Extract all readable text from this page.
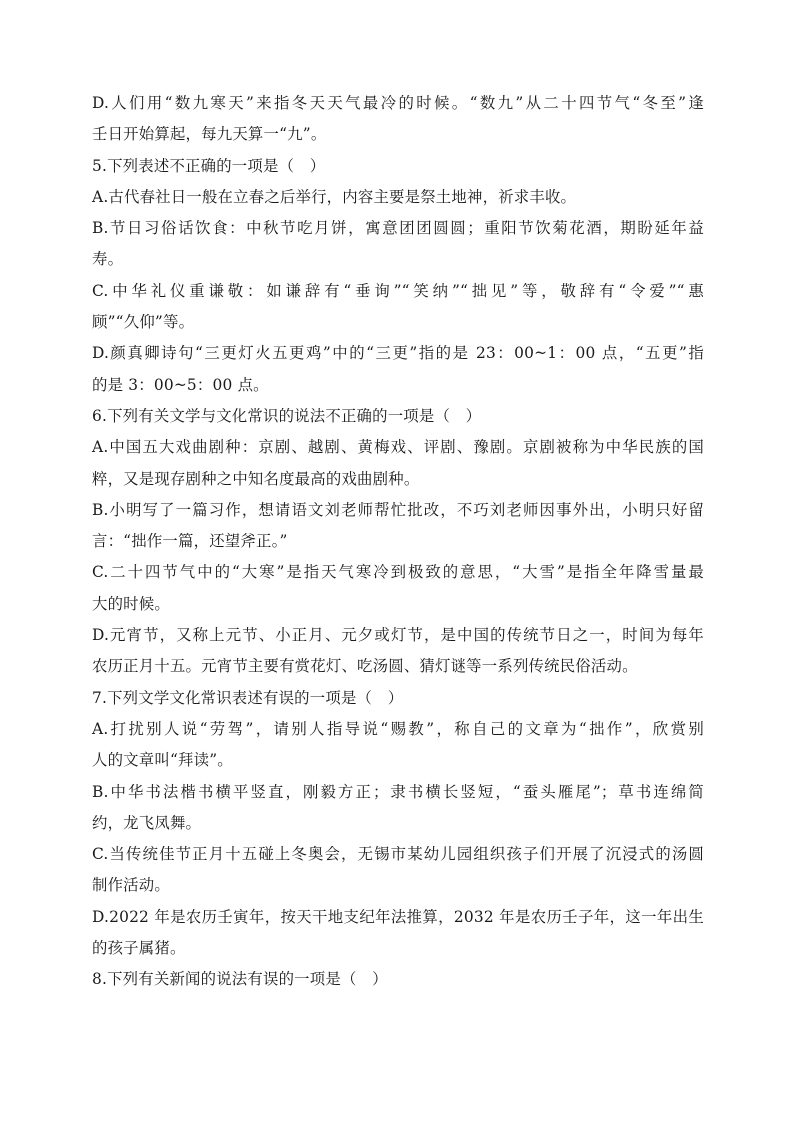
D.人们用“数九寒天”来指冬天天气最冷的时候。“数九”从二十四节气“冬至”逢
壬日开始算起，每九天算一“九”。
5.下列表述不正确的一项是（　）
A.古代春社日一般在立春之后举行，内容主要是祭土地神，祈求丰收。
B.节日习俗话饮食：中秋节吃月饼，寓意团团圆圆；重阳节饮菊花酒，期盼延年益
寿。
C.中华礼仪重谦敬：如谦辞有“垂询”“笑纳”“拙见”等，敬辞有“令爱”“惠
顾”“久仰”等。
D.颜真卿诗句“三更灯火五更鸡”中的“三更”指的是 23：00~1：00 点，“五更”指
的是 3：00~5：00 点。
6.下列有关文学与文化常识的说法不正确的一项是（　）
A.中国五大戏曲剧种：京剧、越剧、黄梅戏、评剧、豫剧。京剧被称为中华民族的国
粹，又是现存剧种之中知名度最高的戏曲剧种。
B.小明写了一篇习作，想请语文刘老师帮忙批改，不巧刘老师因事外出，小明只好留
言：“拙作一篇，还望斧正。”
C.二十四节气中的“大寒”是指天气寒冷到极致的意思，“大雪”是指全年降雪量最
大的时候。
D.元宵节，又称上元节、小正月、元夕或灯节，是中国的传统节日之一，时间为每年
农历正月十五。元宵节主要有赏花灯、吃汤圆、猜灯谜等一系列传统民俗活动。
7.下列文学文化常识表述有误的一项是（　）
A.打扰别人说“劳驾”，请别人指导说“赐教”，称自己的文章为“拙作”，欣赏别
人的文章叫“拜读”。
B.中华书法楷书横平竖直，刚毅方正；隶书横长竖短，“蚕头雁尾”；草书连绵简
约，龙飞凤舞。
C.当传统佳节正月十五碰上冬奥会，无锡市某幼儿园组织孩子们开展了沉浸式的汤圆
制作活动。
D.2022 年是农历壬寅年，按天干地支纪年法推算，2032 年是农历壬子年，这一年出生
的孩子属猪。
8.下列有关新闻的说法有误的一项是（　）
